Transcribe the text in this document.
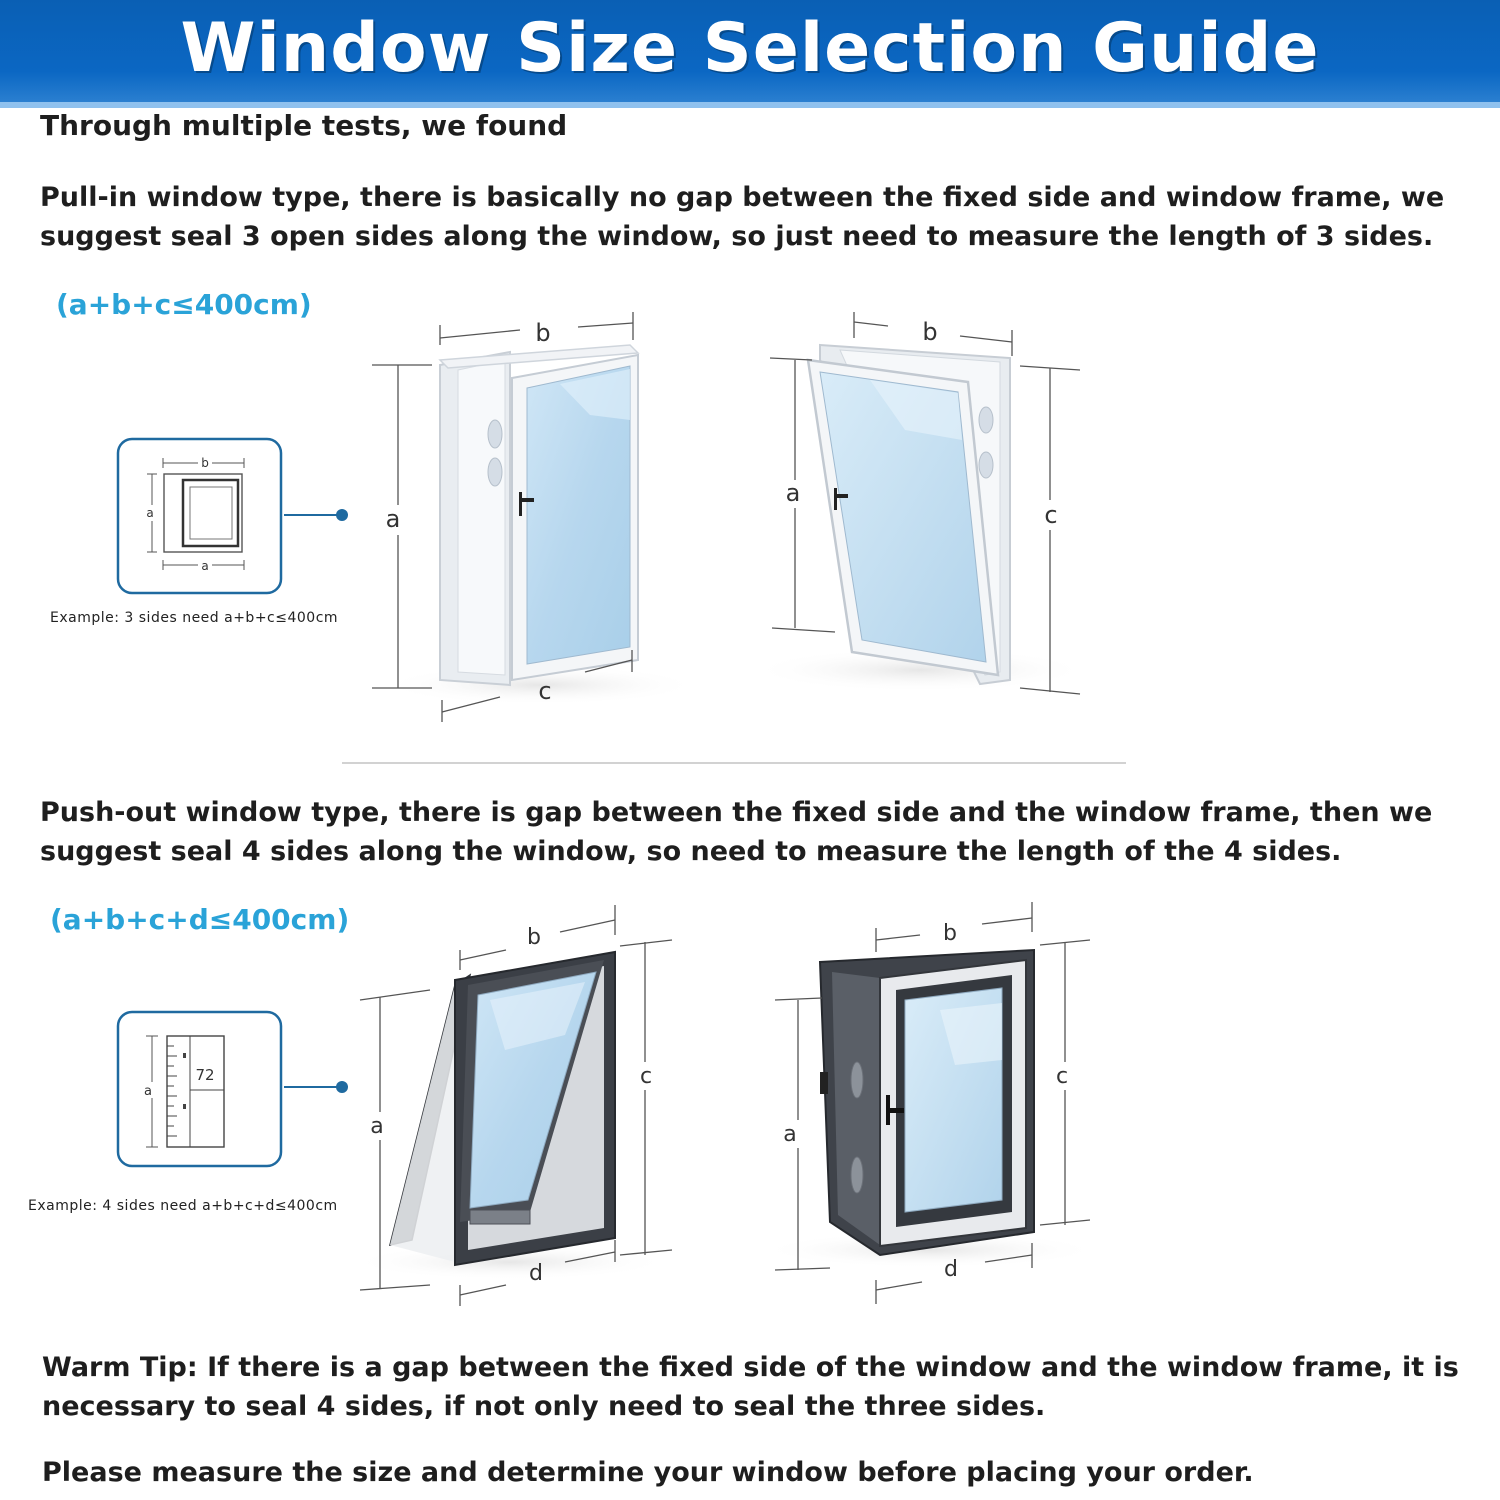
Window Size Selection Guide

Through multiple tests, we found

Pull-in window type, there is basically no gap between the fixed side and window frame, we suggest seal 3 open sides along the window, so just need to measure the length of 3 sides.

(a+b+c≤400cm)

Example: 3 sides need a+b+c≤400cm

Push-out window type, there is gap between the fixed side and the window frame, then we suggest seal 4 sides along the window, so need to measure the length of the 4 sides.

(a+b+c+d≤400cm)

Example: 4 sides need a+b+c+d≤400cm

Warm Tip: If there is a gap between the fixed side of the window and the window frame, it is necessary to seal 4 sides, if not only need to seal the three sides.

Please measure the size and determine your window before placing your order.

b
a
a
b
a
c
b
a
c
a
72
b
a
c
d
b
a
c
d
